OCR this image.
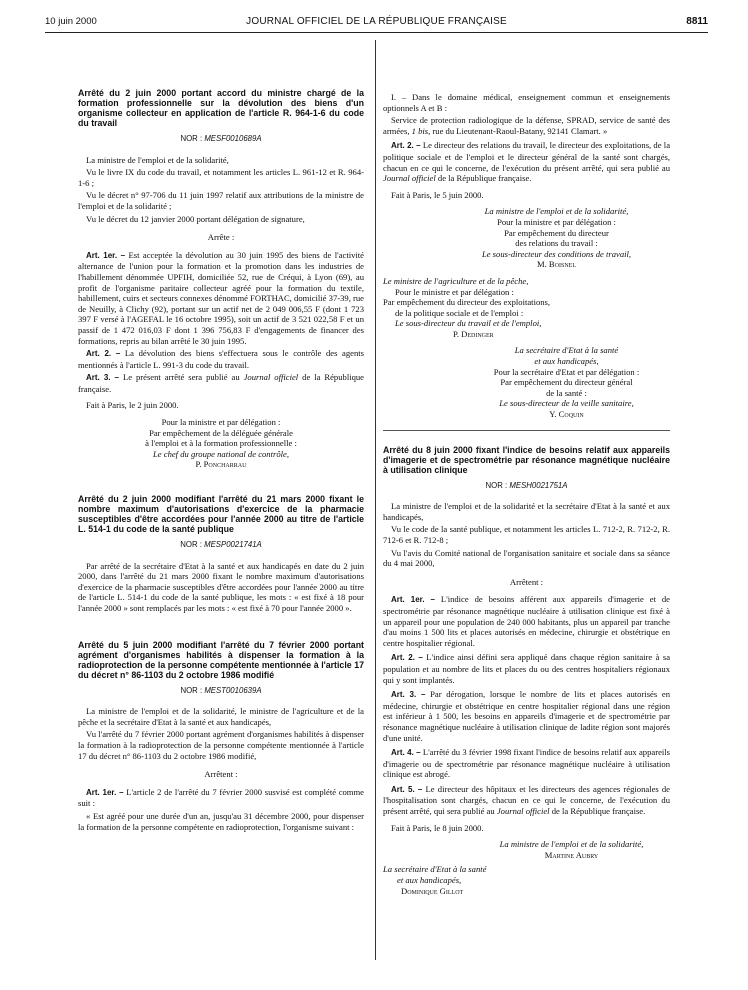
10 juin 2000	JOURNAL OFFICIEL DE LA RÉPUBLIQUE FRANÇAISE	8811
Arrêté du 2 juin 2000 portant accord du ministre chargé de la formation professionnelle sur la dévolution des biens d'un organisme collecteur en application de l'article R. 964-1-6 du code du travail
NOR : MESF0010689A

La ministre de l'emploi et de la solidarité,

Vu le livre IX du code du travail, et notamment les articles L. 961-12 et R. 964-1-6 ;

Vu le décret n° 97-706 du 11 juin 1997 relatif aux attributions de la ministre de l'emploi et de la solidarité ;

Vu le décret du 12 janvier 2000 portant délégation de signature,

Arrête :

Art. 1er. – Est acceptée la dévolution au 30 juin 1995 des biens de l'activité alternance de l'union pour la formation et la promotion dans les industries de l'habillement dénommée UPFIH, domiciliée 52, rue de Créqui, à Lyon (69), au profit de l'organisme paritaire collecteur agréé pour la formation du textile, habillement, cuirs et secteurs connexes dénommé FORTHAC, domicilié 37-39, rue de Neuilly, à Clichy (92), portant sur un actif net de 2 049 006,55 F (dont 1 723 397 F versé à l'AGEFAL le 16 octobre 1995), soit un actif de 3 521 022,58 F et un passif de 1 472 016,03 F dont 1 396 756,83 F d'engagements de financer des formations, repris au bilan arrêté le 30 juin 1995.

Art. 2. – La dévolution des biens s'effectuera sous le contrôle des agents mentionnés à l'article L. 991-3 du code du travail.

Art. 3. – Le présent arrêté sera publié au Journal officiel de la République française.

Fait à Paris, le 2 juin 2000.

Pour la ministre et par délégation :
Par empêchement de la déléguée générale
à l'emploi et à la formation professionnelle :
Le chef du groupe national de contrôle,
P. Poncharrau
Arrêté du 2 juin 2000 modifiant l'arrêté du 21 mars 2000 fixant le nombre maximum d'autorisations d'exercice de la pharmacie susceptibles d'être accordées pour l'année 2000 au titre de l'article L. 514-1 du code de la santé publique
NOR : MESP0021741A

Par arrêté de la secrétaire d'Etat à la santé et aux handicapés en date du 2 juin 2000, dans l'arrêté du 21 mars 2000 fixant le nombre maximum d'autorisations d'exercice de la pharmacie susceptibles d'être accordées pour l'année 2000 au titre de l'article L. 514-1 du code de la santé publique, les mots : « est fixé à 18 pour l'année 2000 » sont remplacés par les mots : « est fixé à 70 pour l'année 2000 ».

Arrêté du 5 juin 2000 modifiant l'arrêté du 7 février 2000 portant agrément d'organismes habilités à dispenser la formation à la radioprotection de la personne compétente mentionnée à l'article 17 du décret n° 86-1103 du 2 octobre 1986 modifié
NOR : MEST0010639A

La ministre de l'emploi et de la solidarité, le ministre de l'agriculture et de la pêche et la secrétaire d'Etat à la santé et aux handicapés,

Vu l'arrêté du 7 février 2000 portant agrément d'organismes habilités à dispenser la formation à la radioprotection de la personne compétente mentionnée à l'article 17 du décret n° 86-1103 du 2 octobre 1986 modifié,

Arrêtent :

Art. 1er. – L'article 2 de l'arrêté du 7 février 2000 susvisé est complété comme suit :

« Est agréé pour une durée d'un an, jusqu'au 31 décembre 2000, pour dispenser la formation de la personne compétente en radioprotection, l'organisme suivant :

I. – Dans le domaine médical, enseignement commun et enseignements optionnels A et B :

Service de protection radiologique de la défense, SPRAD, service de santé des armées, 1 bis, rue du Lieutenant-Raoul-Batany, 92141 Clamart. »

Art. 2. – Le directeur des relations du travail, le directeur des exploitations, de la politique sociale et de l'emploi et le directeur général de la santé sont chargés, chacun en ce qui le concerne, de l'exécution du présent arrêté, qui sera publié au Journal officiel de la République française.

Fait à Paris, le 5 juin 2000.

La ministre de l'emploi et de la solidarité,
Pour la ministre et par délégation :
Par empêchement du directeur
des relations du travail :
Le sous-directeur des conditions de travail,
M. Boisnel
Le ministre de l'agriculture et de la pêche,
Pour le ministre et par délégation :
Par empêchement du directeur des exploitations,
de la politique sociale et de l'emploi :
Le sous-directeur du travail et de l'emploi,
P. Dedinger
La secrétaire d'Etat à la santé
et aux handicapés,
Pour la secrétaire d'Etat et par délégation :
Par empêchement du directeur général
de la santé :
Le sous-directeur de la veille sanitaire,
Y. Coquin
Arrêté du 8 juin 2000 fixant l'indice de besoins relatif aux appareils d'imagerie et de spectrométrie par résonance magnétique nucléaire à utilisation clinique
NOR : MESH0021751A

La ministre de l'emploi et de la solidarité et la secrétaire d'Etat à la santé et aux handicapés,

Vu le code de la santé publique, et notamment les articles L. 712-2, R. 712-2, R. 712-6 et R. 712-8 ;

Vu l'avis du Comité national de l'organisation sanitaire et sociale dans sa séance du 4 mai 2000,

Arrêtent :

Art. 1er. – L'indice de besoins afférent aux appareils d'imagerie et de spectrométrie par résonance magnétique nucléaire à utilisation clinique est fixé à un appareil pour une population de 240 000 habitants, plus un appareil par tranche d'au moins 1 500 lits et places autorisés en médecine, chirurgie et obstétrique en centre hospitalier régional.

Art. 2. – L'indice ainsi défini sera appliqué dans chaque région sanitaire à sa population et au nombre de lits et places du ou des centres hospitaliers régionaux qui y sont implantés.

Art. 3. – Par dérogation, lorsque le nombre de lits et places autorisés en médecine, chirurgie et obstétrique en centre hospitalier régional dans une région est inférieur à 1 500, les besoins en appareils d'imagerie et de spectrométrie par résonance magnétique nucléaire à utilisation clinique de ladite région sont majorés d'une unité.

Art. 4. – L'arrêté du 3 février 1998 fixant l'indice de besoins relatif aux appareils d'imagerie ou de spectrométrie par résonance magnétique nucléaire à utilisation clinique est abrogé.

Art. 5. – Le directeur des hôpitaux et les directeurs des agences régionales de l'hospitalisation sont chargés, chacun en ce qui le concerne, de l'exécution du présent arrêté, qui sera publié au Journal officiel de la République française.

Fait à Paris, le 8 juin 2000.

La ministre de l'emploi et de la solidarité,
Martine Aubry
La secrétaire d'Etat à la santé
et aux handicapés,
Dominique Gillot
